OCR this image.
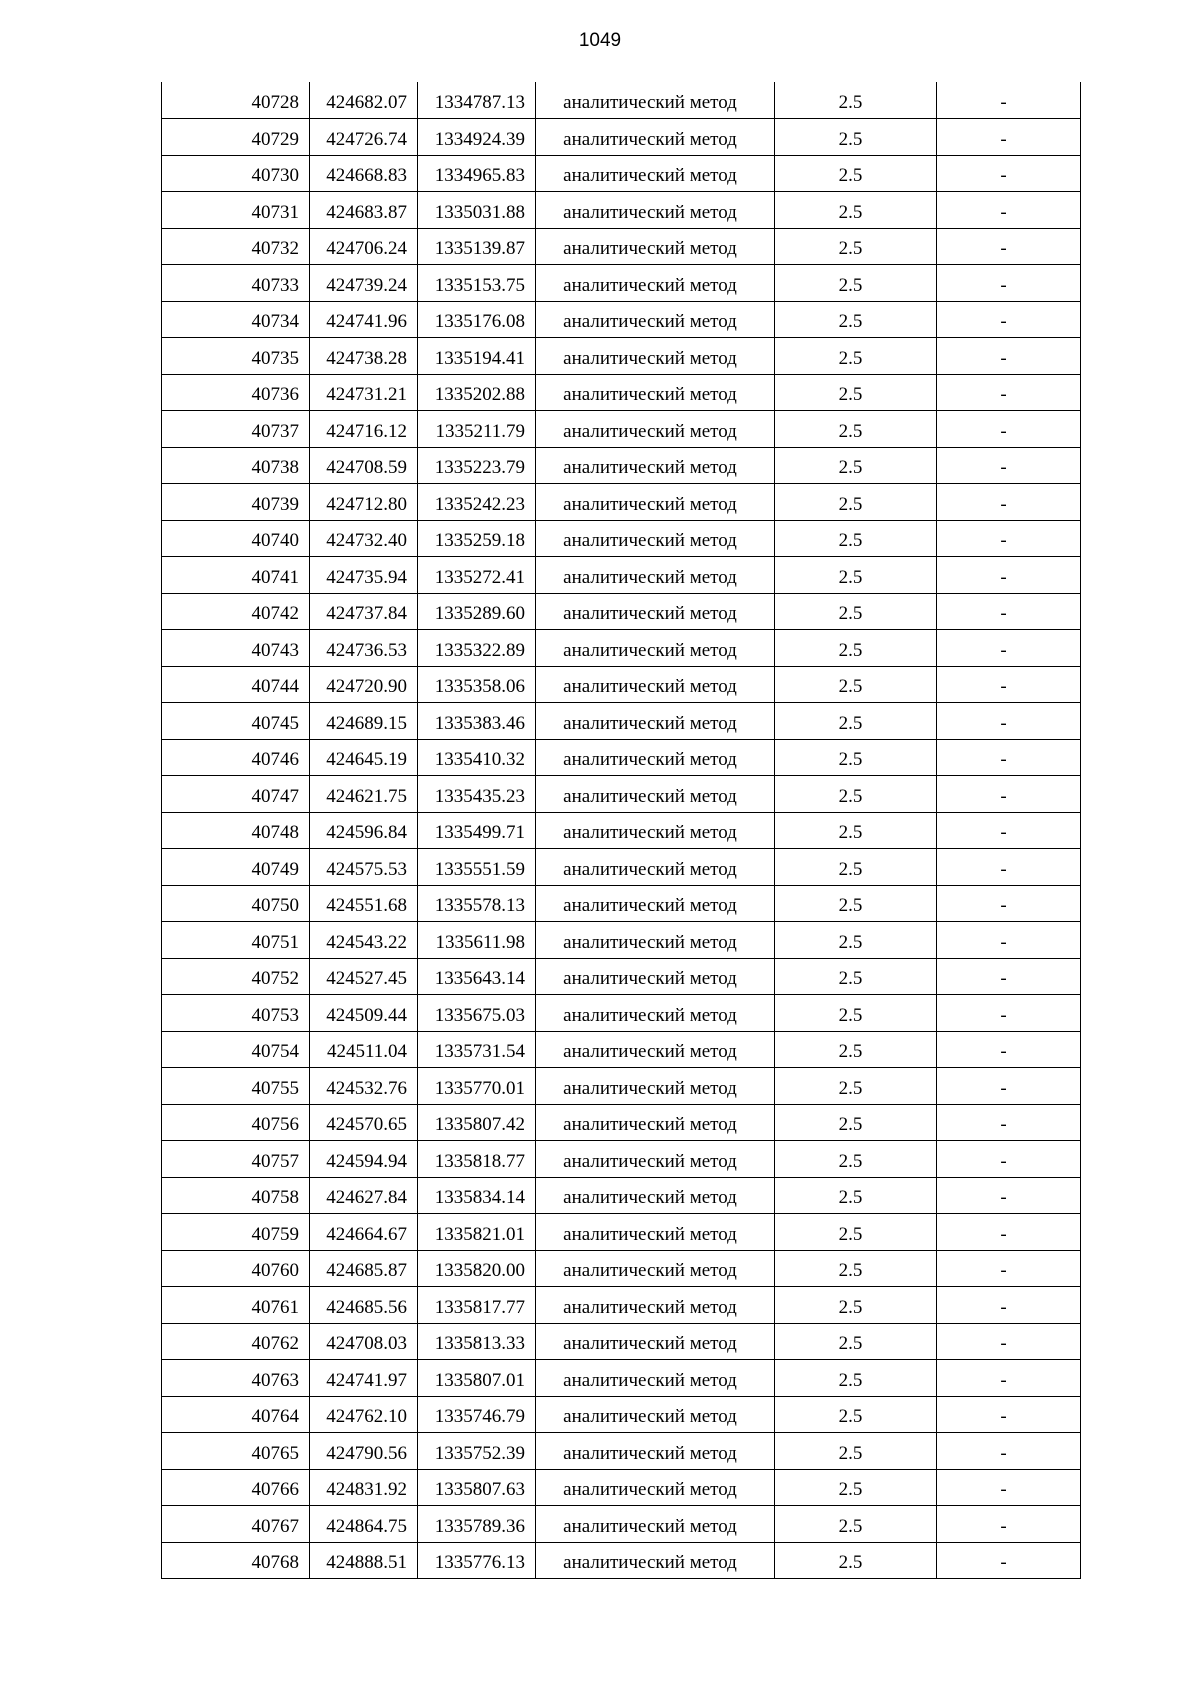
1049
40728	424682.07	1334787.13	аналитический метод	2.5	-
40729	424726.74	1334924.39	аналитический метод	2.5	-
40730	424668.83	1334965.83	аналитический метод	2.5	-
40731	424683.87	1335031.88	аналитический метод	2.5	-
40732	424706.24	1335139.87	аналитический метод	2.5	-
40733	424739.24	1335153.75	аналитический метод	2.5	-
40734	424741.96	1335176.08	аналитический метод	2.5	-
40735	424738.28	1335194.41	аналитический метод	2.5	-
40736	424731.21	1335202.88	аналитический метод	2.5	-
40737	424716.12	1335211.79	аналитический метод	2.5	-
40738	424708.59	1335223.79	аналитический метод	2.5	-
40739	424712.80	1335242.23	аналитический метод	2.5	-
40740	424732.40	1335259.18	аналитический метод	2.5	-
40741	424735.94	1335272.41	аналитический метод	2.5	-
40742	424737.84	1335289.60	аналитический метод	2.5	-
40743	424736.53	1335322.89	аналитический метод	2.5	-
40744	424720.90	1335358.06	аналитический метод	2.5	-
40745	424689.15	1335383.46	аналитический метод	2.5	-
40746	424645.19	1335410.32	аналитический метод	2.5	-
40747	424621.75	1335435.23	аналитический метод	2.5	-
40748	424596.84	1335499.71	аналитический метод	2.5	-
40749	424575.53	1335551.59	аналитический метод	2.5	-
40750	424551.68	1335578.13	аналитический метод	2.5	-
40751	424543.22	1335611.98	аналитический метод	2.5	-
40752	424527.45	1335643.14	аналитический метод	2.5	-
40753	424509.44	1335675.03	аналитический метод	2.5	-
40754	424511.04	1335731.54	аналитический метод	2.5	-
40755	424532.76	1335770.01	аналитический метод	2.5	-
40756	424570.65	1335807.42	аналитический метод	2.5	-
40757	424594.94	1335818.77	аналитический метод	2.5	-
40758	424627.84	1335834.14	аналитический метод	2.5	-
40759	424664.67	1335821.01	аналитический метод	2.5	-
40760	424685.87	1335820.00	аналитический метод	2.5	-
40761	424685.56	1335817.77	аналитический метод	2.5	-
40762	424708.03	1335813.33	аналитический метод	2.5	-
40763	424741.97	1335807.01	аналитический метод	2.5	-
40764	424762.10	1335746.79	аналитический метод	2.5	-
40765	424790.56	1335752.39	аналитический метод	2.5	-
40766	424831.92	1335807.63	аналитический метод	2.5	-
40767	424864.75	1335789.36	аналитический метод	2.5	-
40768	424888.51	1335776.13	аналитический метод	2.5	-
